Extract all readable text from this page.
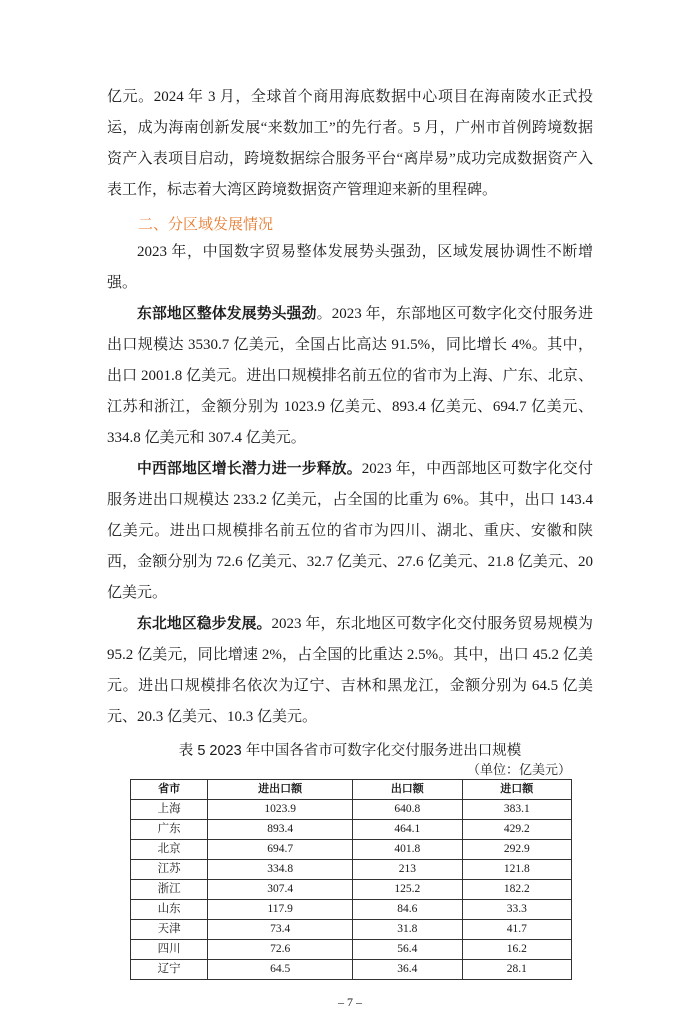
亿元。2024 年 3 月，全球首个商用海底数据中心项目在海南陵水正式投运，成为海南创新发展“来数加工”的先行者。5 月，广州市首例跨境数据资产入表项目启动，跨境数据综合服务平台“离岸易”成功完成数据资产入表工作，标志着大湾区跨境数据资产管理迎来新的里程碑。

二、分区域发展情况

2023 年，中国数字贸易整体发展势头强劲，区域发展协调性不断增强。

东部地区整体发展势头强劲。2023 年，东部地区可数字化交付服务进出口规模达 3530.7 亿美元，全国占比高达 91.5%，同比增长 4%。其中，出口 2001.8 亿美元。进出口规模排名前五位的省市为上海、广东、北京、江苏和浙江，金额分别为 1023.9 亿美元、893.4 亿美元、694.7 亿美元、334.8 亿美元和 307.4 亿美元。

中西部地区增长潜力进一步释放。2023 年，中西部地区可数字化交付服务进出口规模达 233.2 亿美元，占全国的比重为 6%。其中，出口 143.4 亿美元。进出口规模排名前五位的省市为四川、湖北、重庆、安徽和陕西，金额分别为 72.6 亿美元、32.7 亿美元、27.6 亿美元、21.8 亿美元、20 亿美元。

东北地区稳步发展。2023 年，东北地区可数字化交付服务贸易规模为 95.2 亿美元，同比增速 2%，占全国的比重达 2.5%。其中，出口 45.2 亿美元。进出口规模排名依次为辽宁、吉林和黑龙江，金额分别为 64.5 亿美元、20.3 亿美元、10.3 亿美元。

表 5 2023 年中国各省市可数字化交付服务进出口规模
（单位：亿美元）
省市	进出口额	出口额	进口额
上海	1023.9	640.8	383.1
广东	893.4	464.1	429.2
北京	694.7	401.8	292.9
江苏	334.8	213	121.8
浙江	307.4	125.2	182.2
山东	117.9	84.6	33.3
天津	73.4	31.8	41.7
四川	72.6	56.4	16.2
辽宁	64.5	36.4	28.1
– 7 –
